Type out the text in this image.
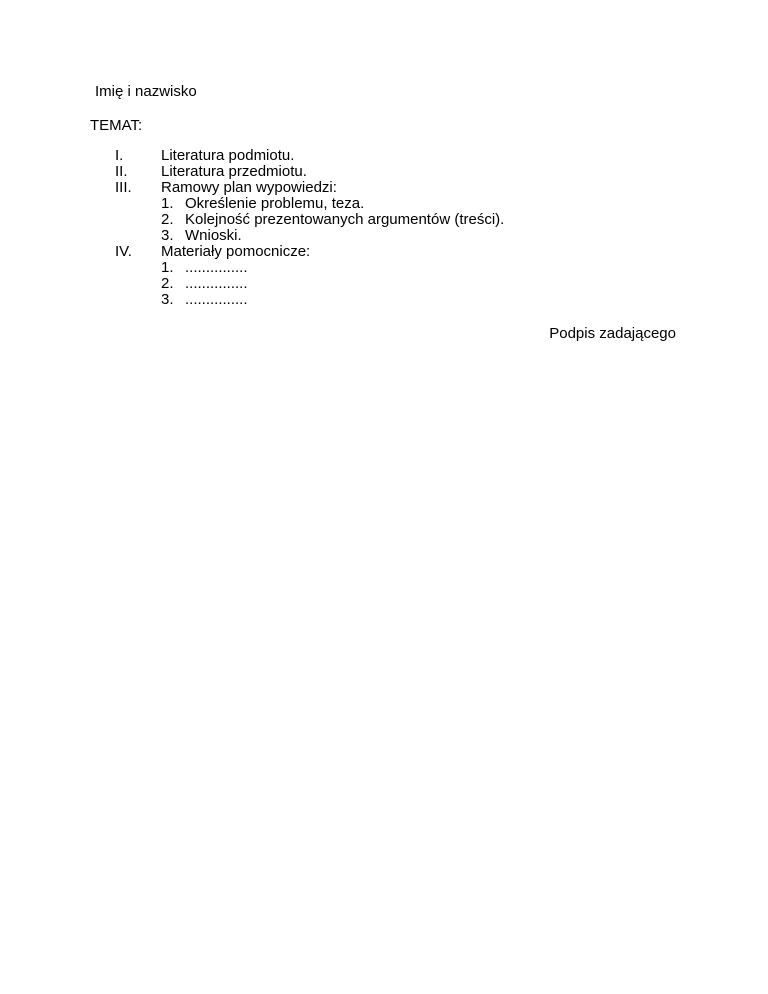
Imię i nazwisko
TEMAT:
I.	Literatura podmiotu.
II. Literatura przedmiotu.
III. Ramowy plan wypowiedzi:
1. Określenie problemu, teza.
2. Kolejność prezentowanych argumentów (treści).
3. Wnioski.
IV. Materiały pomocnicze:
1. ...............
2. ...............
3. ...............
Podpis zadającego
